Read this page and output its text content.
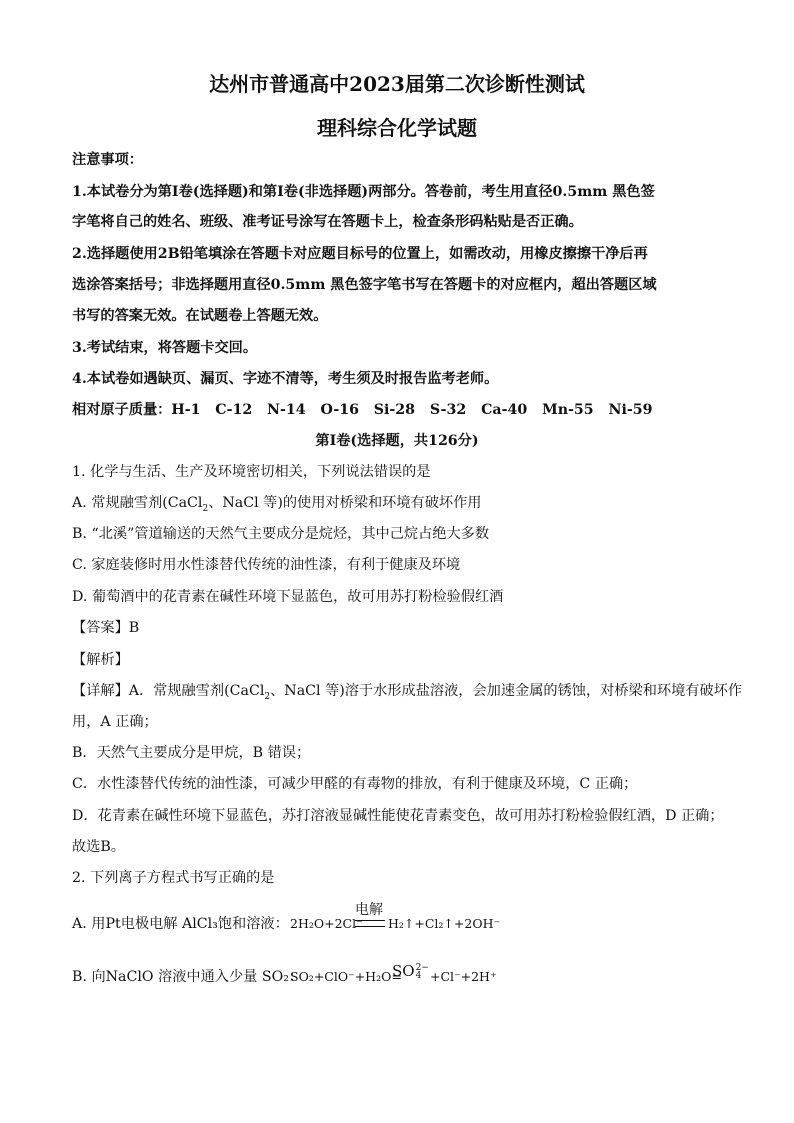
达州市普通高中2023届第二次诊断性测试
理科综合化学试题
注意事项：
1.本试卷分为第Ⅰ卷(选择题)和第Ⅰ卷(非选择题)两部分。答卷前，考生用直径0.5mm 黑色签
字笔将自己的姓名、班级、准考证号涂写在答题卡上，检查条形码粘贴是否正确。
2.选择题使用2B铅笔填涂在答题卡对应题目标号的位置上，如需改动，用橡皮擦擦干净后再
选涂答案括号；非选择题用直径0.5mm 黑色签字笔书写在答题卡的对应框内，超出答题区域
书写的答案无效。在试题卷上答题无效。
3.考试结束，将答题卡交回。
4.本试卷如遇缺页、漏页、字迹不清等，考生须及时报告监考老师。
相对原子质量：H-1   C-12   N-14   O-16   Si-28   S-32   Ca-40   Mn-55   Ni-59
第Ⅰ卷(选择题，共126分)
1. 化学与生活、生产及环境密切相关，下列说法错误的是
A. 常规融雪剂(CaCl$_2$、NaCl 等)的使用对桥梁和环境有破坏作用
B. “北溪”管道输送的天然气主要成分是烷烃，其中己烷占绝大多数
C. 家庭装修时用水性漆替代传统的油性漆，有利于健康及环境
D. 葡萄酒中的花青素在碱性环境下显蓝色，故可用苏打粉检验假红酒
【答案】B
【解析】
【详解】A．常规融雪剂(CaCl$_2$、NaCl 等)溶于水形成盐溶液，会加速金属的锈蚀，对桥梁和环境有破坏作
用，A 正确；
B．天然气主要成分是甲烷，B 错误；
C．水性漆替代传统的油性漆，可减少甲醛的有毒物的排放，有利于健康及环境，C 正确；
D．花青素在碱性环境下显蓝色，苏打溶液显碱性能使花青素变色，故可用苏打粉检验假红酒，D 正确；
故选B。
2. 下列离子方程式书写正确的是
A. 用Pt电极电解 AlCl₃饱和溶液： 2H₂O+2Cl⁻
电解
H₂↑+Cl₂↑+2OH⁻
B. 向NaClO 溶液中通入少量 SO₂：
SO₂+ClO⁻+H₂O=
SO 2−
4 +Cl⁻+2H⁺
